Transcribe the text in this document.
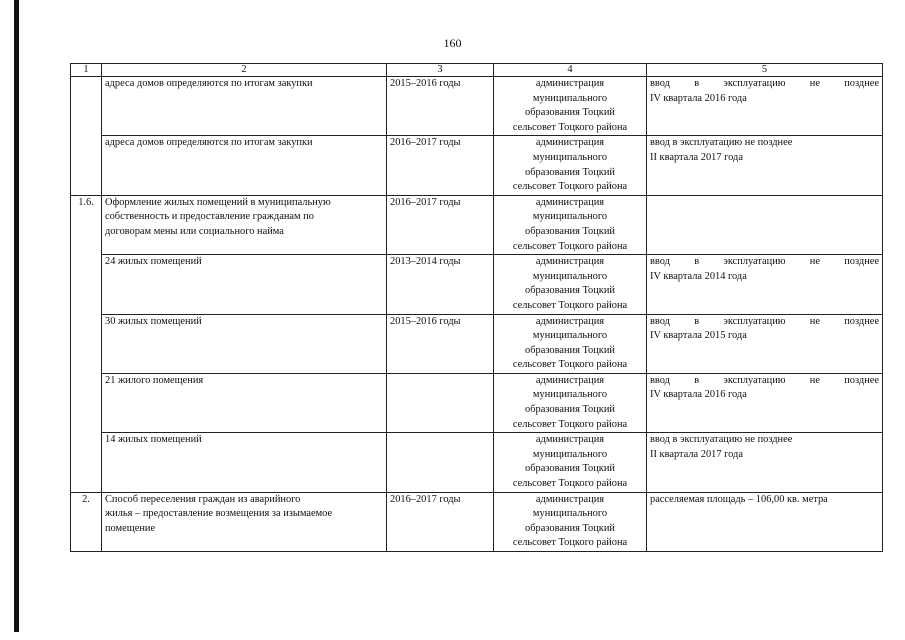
160
1	2	3	4	5

	адреса домов определяются по итогам закупки	2015–2016 годы	администрация
муниципального
образования Тоцкий
сельсовет Тоцкого района	ввод в эксплуатацию не позднее
IV квартала 2016 года

	адреса домов определяются по итогам закупки	2016–2017 годы	администрация
муниципального
образования Тоцкий
сельсовет Тоцкого района	ввод в эксплуатацию не позднее
II квартала 2017 года

1.6.	Оформление жилых помещений в муниципальную
собственность и предоставление гражданам по
договорам мены или социального найма	2016–2017 годы	администрация
муниципального
образования Тоцкий
сельсовет Тоцкого района	

	24 жилых помещений	2013–2014 годы	администрация
муниципального
образования Тоцкий
сельсовет Тоцкого района	ввод в эксплуатацию не позднее
IV квартала 2014 года

	30 жилых помещений	2015–2016 годы	администрация
муниципального
образования Тоцкий
сельсовет Тоцкого района	ввод в эксплуатацию не позднее
IV квартала 2015 года

	21 жилого помещения		администрация
муниципального
образования Тоцкий
сельсовет Тоцкого района	ввод в эксплуатацию не позднее
IV квартала 2016 года

	14 жилых помещений		администрация
муниципального
образования Тоцкий
сельсовет Тоцкого района	ввод в эксплуатацию не позднее
II квартала 2017 года

2.	Способ переселения граждан из аварийного
жилья – предоставление возмещения за изымаемое
помещение	2016–2017 годы	администрация
муниципального
образования Тоцкий
сельсовет Тоцкого района	расселяемая площадь – 106,00 кв. метра
